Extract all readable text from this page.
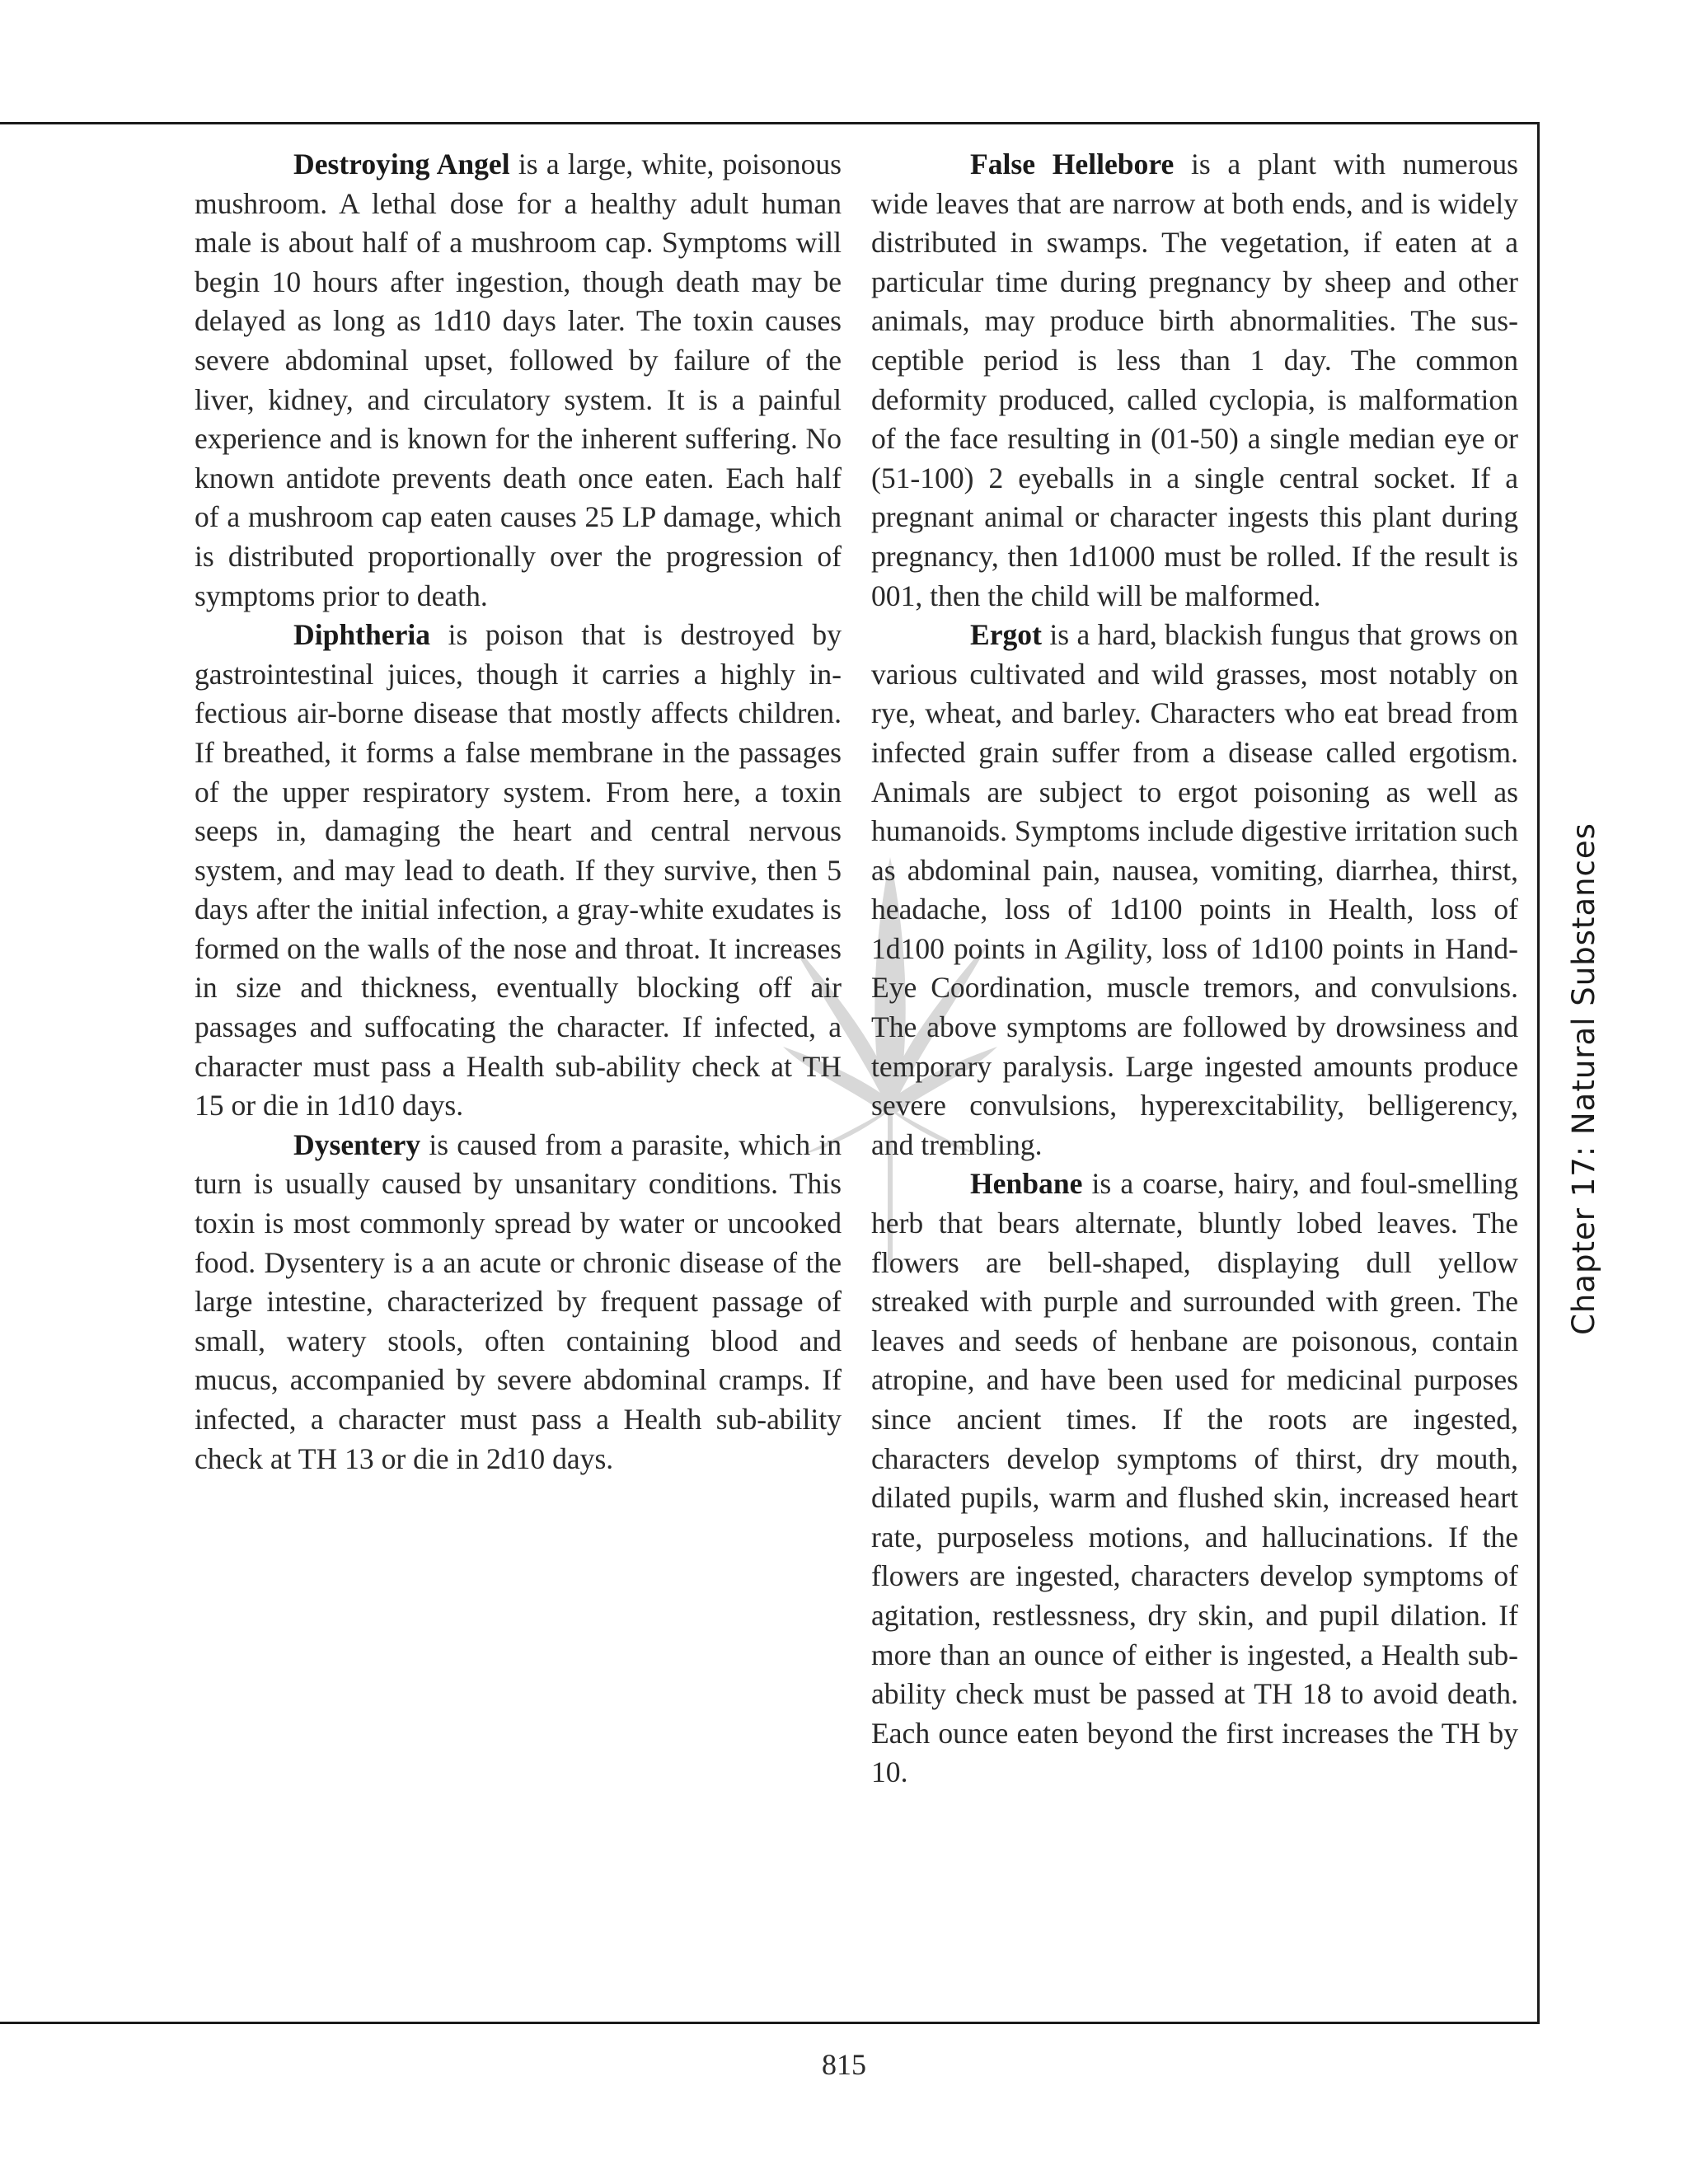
Destroying Angel is a large, white, poisonous mushroom. A lethal dose for a healthy adult human male is about half of a mushroom cap. Symptoms will begin 10 hours after ingestion, though death may be delayed as long as 1d10 days later. The toxin causes severe abdominal upset, followed by failure of the liver, kidney, and circulatory system. It is a painful experience and is known for the inherent suffering. No known antidote prevents death once eaten. Each half of a mushroom cap eaten causes 25 LP damage, which is distributed proportionally over the progression of symptoms prior to death.

Diphtheria is poison that is destroyed by gastrointestinal juices, though it carries a highly infectious air-borne disease that mostly affects children. If breathed, it forms a false membrane in the passages of the upper respiratory system. From here, a toxin seeps in, damaging the heart and central nervous system, and may lead to death. If they survive, then 5 days after the initial infection, a gray-white exudates is formed on the walls of the nose and throat. It increases in size and thickness, eventually blocking off air passages and suffocating the character. If infected, a character must pass a Health sub-ability check at TH 15 or die in 1d10 days.

Dysentery is caused from a parasite, which in turn is usually caused by unsanitary conditions. This toxin is most commonly spread by water or uncooked food. Dysentery is a an acute or chronic disease of the large intestine, characterized by frequent passage of small, watery stools, often containing blood and mucus, accompanied by severe abdominal cramps. If infected, a character must pass a Health sub-ability check at TH 13 or die in 2d10 days.

False Hellebore is a plant with numerous wide leaves that are narrow at both ends, and is widely distributed in swamps. The vegetation, if eaten at a particular time during pregnancy by sheep and other animals, may produce birth abnormalities. The susceptible period is less than 1 day. The common deformity produced, called cyclopia, is malformation of the face resulting in (01-50) a single median eye or (51-100) 2 eyeballs in a single central socket. If a pregnant animal or character ingests this plant during pregnancy, then 1d1000 must be rolled. If the result is 001, then the child will be malformed.

Ergot is a hard, blackish fungus that grows on various cultivated and wild grasses, most notably on rye, wheat, and barley. Characters who eat bread from infected grain suffer from a disease called ergotism. Animals are subject to ergot poisoning as well as humanoids. Symptoms include digestive irritation such as abdominal pain, nausea, vomiting, diarrhea, thirst, headache, loss of 1d100 points in Health, loss of 1d100 points in Agility, loss of 1d100 points in Hand-Eye Coordination, muscle tremors, and convulsions. The above symptoms are followed by drowsiness and temporary paralysis. Large ingested amounts produce severe convulsions, hyperexcitability, belligerency, and trembling.

Henbane is a coarse, hairy, and foul-smelling herb that bears alternate, bluntly lobed leaves. The flowers are bell-shaped, displaying dull yellow streaked with purple and surrounded with green. The leaves and seeds of henbane are poisonous, contain atropine, and have been used for medicinal purposes since ancient times. If the roots are ingested, characters develop symptoms of thirst, dry mouth, dilated pupils, warm and flushed skin, increased heart rate, purposeless motions, and hallucinations. If the flowers are ingested, characters develop symptoms of agitation, restlessness, dry skin, and pupil dilation. If more than an ounce of either is ingested, a Health sub-ability check must be passed at TH 18 to avoid death. Each ounce eaten beyond the first increases the TH by 10.

Chapter 17: Natural Substances
815
